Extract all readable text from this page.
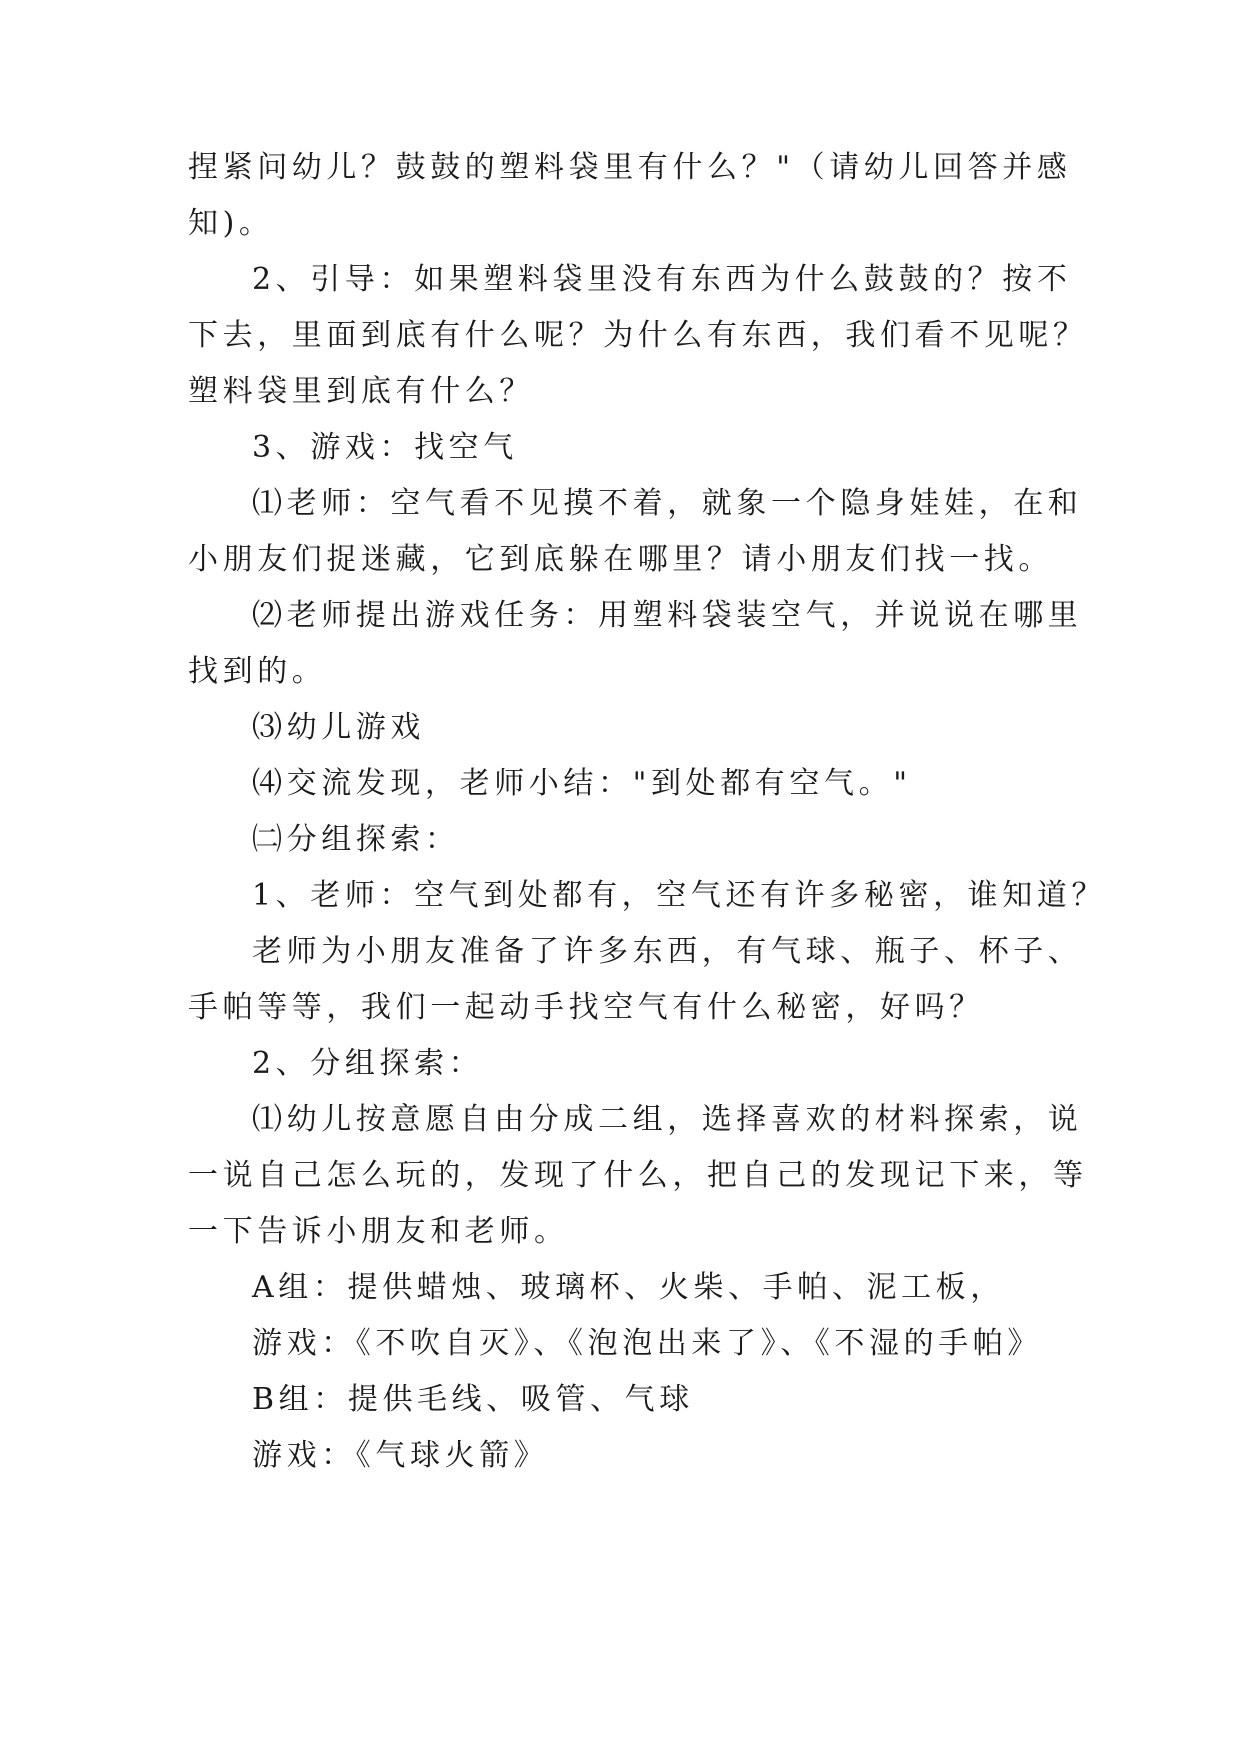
捏紧问幼儿？鼓鼓的塑料袋里有什么？"（请幼儿回答并感
知)。
2、引导：如果塑料袋里没有东西为什么鼓鼓的？按不
下去，里面到底有什么呢？为什么有东西，我们看不见呢？
塑料袋里到底有什么？
3、游戏：找空气
⑴老师：空气看不见摸不着，就象一个隐身娃娃，在和
小朋友们捉迷藏，它到底躲在哪里？请小朋友们找一找。
⑵老师提出游戏任务：用塑料袋装空气，并说说在哪里
找到的。
⑶幼儿游戏
⑷交流发现，老师小结："到处都有空气。"
㈡分组探索：
1、老师：空气到处都有，空气还有许多秘密，谁知道？
老师为小朋友准备了许多东西，有气球、瓶子、杯子、
手帕等等，我们一起动手找空气有什么秘密，好吗？
2、分组探索：
⑴幼儿按意愿自由分成二组，选择喜欢的材料探索，说
一说自己怎么玩的，发现了什么，把自己的发现记下来，等
一下告诉小朋友和老师。
A组：提供蜡烛、玻璃杯、火柴、手帕、泥工板，
游戏：《不吹自灭》、《泡泡出来了》、《不湿的手帕》
B组：提供毛线、吸管、气球
游戏：《气球火箭》
